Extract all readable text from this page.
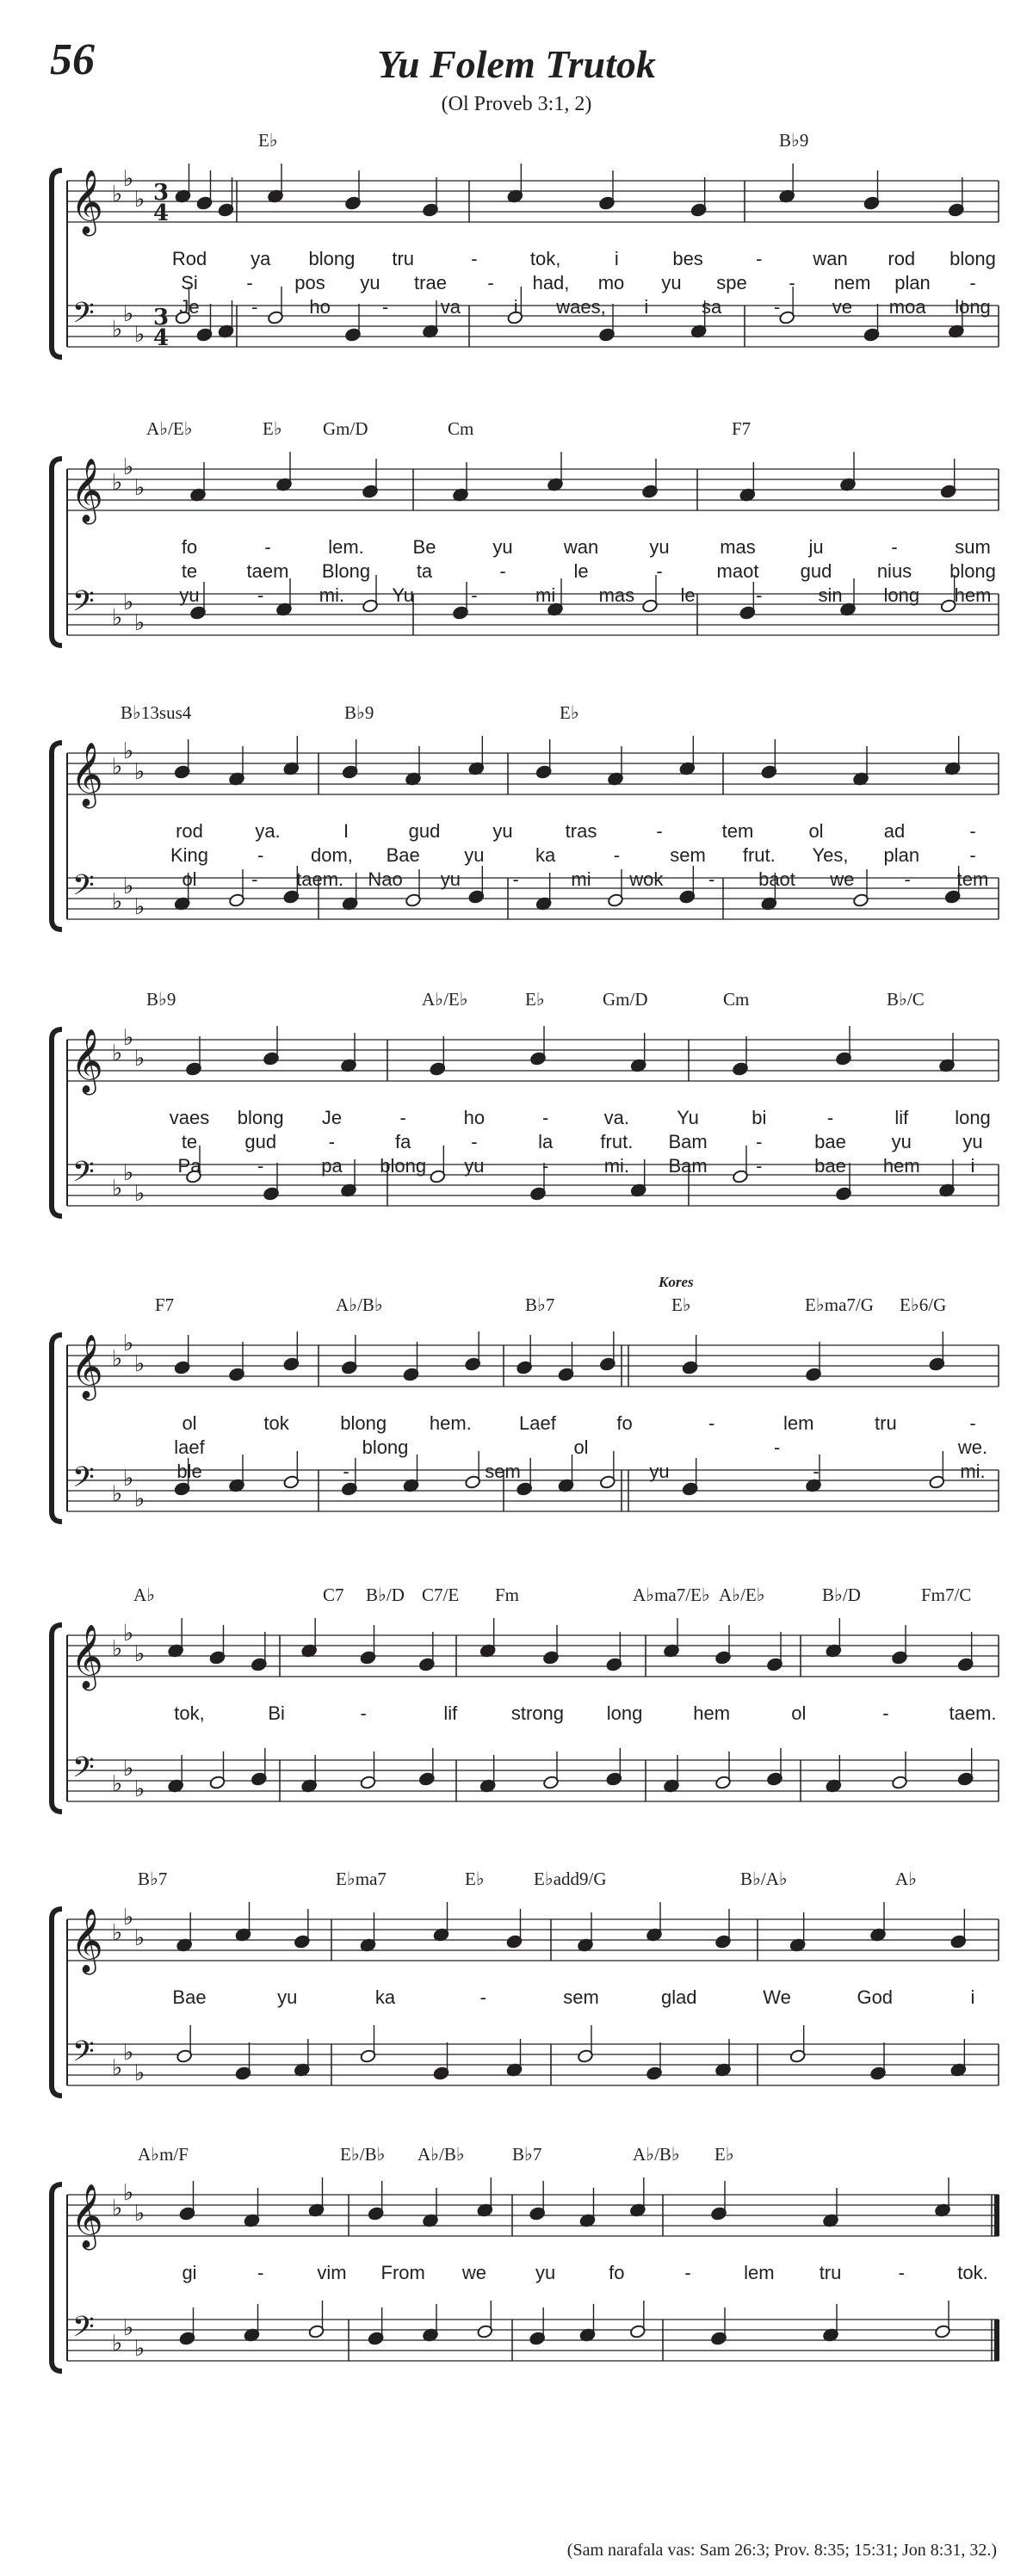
56	Yu Folem Trutok
(Ol Proveb 3:1, 2)
𝄞
𝄢
♭
♭
♭
♭
♭
♭
3
4
3
4
E♭	B♭9
Rod ya blong tru	-	tok,	i	bes	-	wan rod blong
Si	- pos yu trae - had, mo yu spe - nem plan -
Je	-	ho	-	va	i waes, i	sa	-	ve moa long
𝄞
𝄢
♭
♭
♭
♭
♭
♭
A♭/E♭	E♭ Gm/D	Cm	F7
fo	-	lem.	Be	yu	wan	yu	mas	ju	-	sum
te	taem Blong ta	-	le	-	maot gud nius blong
yu	-	mi.	Yu	-	mi mas le	-	sin long hem
𝄞
𝄢
♭
♭
♭
♭
♭
♭
B♭13sus4	B♭9	E♭
rod	ya.	I	gud	yu	tras	-	tem	ol	ad	-
King	- dom, Bae yu	ka	-	sem frut. Yes, plan	-
ol	- taem. Nao yu	-	mi wok - baot we	- tem
𝄞
𝄢
♭
♭
♭
♭
♭
♭
B♭9	A♭/E♭	E♭	Gm/D	Cm	B♭/C
vaes blong Je	-	ho	-	va.	Yu	bi	-	lif long
te	gud	-	fa	-	la	frut. Bam	-	bae yu	yu
Pa	-	pa blong yu	-	mi. Bam	-	bae hem	i
𝄞
𝄢
♭
♭
♭
♭
♭
♭
F7	A♭/B♭	B♭7	E♭	E♭ma7/G E♭6/G
Kores
ol	tok	blong hem.	Laef	fo	-	lem	tru	-
laef	blong	ol	-	we.
ble	-	sem	yu	-	mi.
𝄞
𝄢
♭
♭
♭
♭
♭
♭
A♭	C7 B♭/D C7/E Fm	A♭ma7/E♭ A♭/E♭	B♭/D	Fm7/C
tok,	Bi	-	lif	strong long	hem	ol	-	taem.
𝄞
𝄢
♭
♭
♭
♭
♭
♭
B♭7	E♭ma7	E♭	E♭add9/G	B♭/A♭	A♭
Bae	yu	ka	-	sem	glad	We	God	i
𝄞
𝄢
♭
♭
♭
♭
♭
♭
A♭m/F	E♭/B♭ A♭/B♭	B♭7	A♭/B♭ E♭
gi	-	vim From we	yu	fo	-	lem tru	-	tok.
(Sam narafala vas: Sam 26:3; Prov. 8:35; 15:31; Jon 8:31, 32.)
